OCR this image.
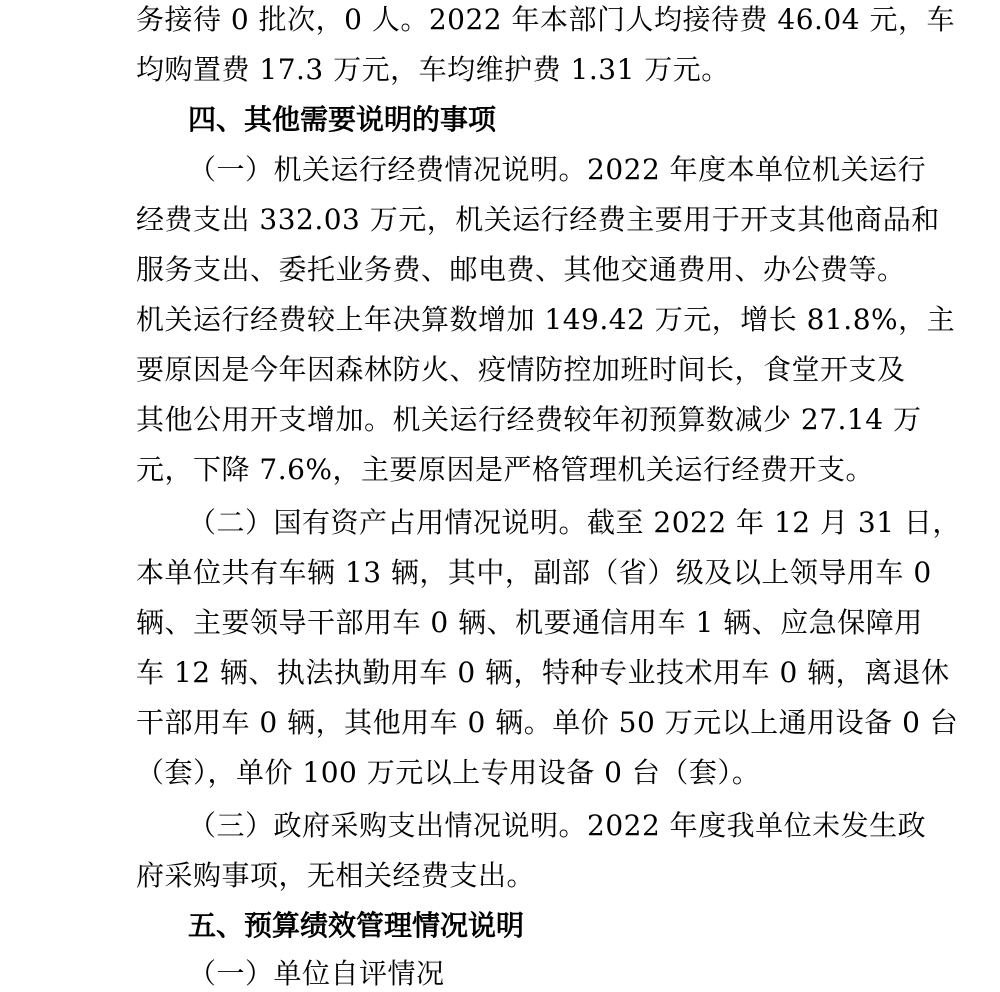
务接待 0 批次，0 人。2022 年本部门人均接待费 46.04 元，车
均购置费 17.3 万元，车均维护费 1.31 万元。
四、其他需要说明的事项
（一）机关运行经费情况说明。2022 年度本单位机关运行
经费支出 332.03 万元，机关运行经费主要用于开支其他商品和
服务支出、委托业务费、邮电费、其他交通费用、办公费等。
机关运行经费较上年决算数增加 149.42 万元，增长 81.8%，主
要原因是今年因森林防火、疫情防控加班时间长，食堂开支及
其他公用开支增加。机关运行经费较年初预算数减少 27.14 万
元，下降 7.6%，主要原因是严格管理机关运行经费开支。
（二）国有资产占用情况说明。截至 2022 年 12 月 31 日，
本单位共有车辆 13 辆，其中，副部（省）级及以上领导用车 0
辆、主要领导干部用车 0 辆、机要通信用车 1 辆、应急保障用
车 12 辆、执法执勤用车 0 辆，特种专业技术用车 0 辆，离退休
干部用车 0 辆，其他用车 0 辆。单价 50 万元以上通用设备 0 台
（套），单价 100 万元以上专用设备 0 台（套）。
（三）政府采购支出情况说明。2022 年度我单位未发生政
府采购事项，无相关经费支出。
五、预算绩效管理情况说明
（一）单位自评情况
